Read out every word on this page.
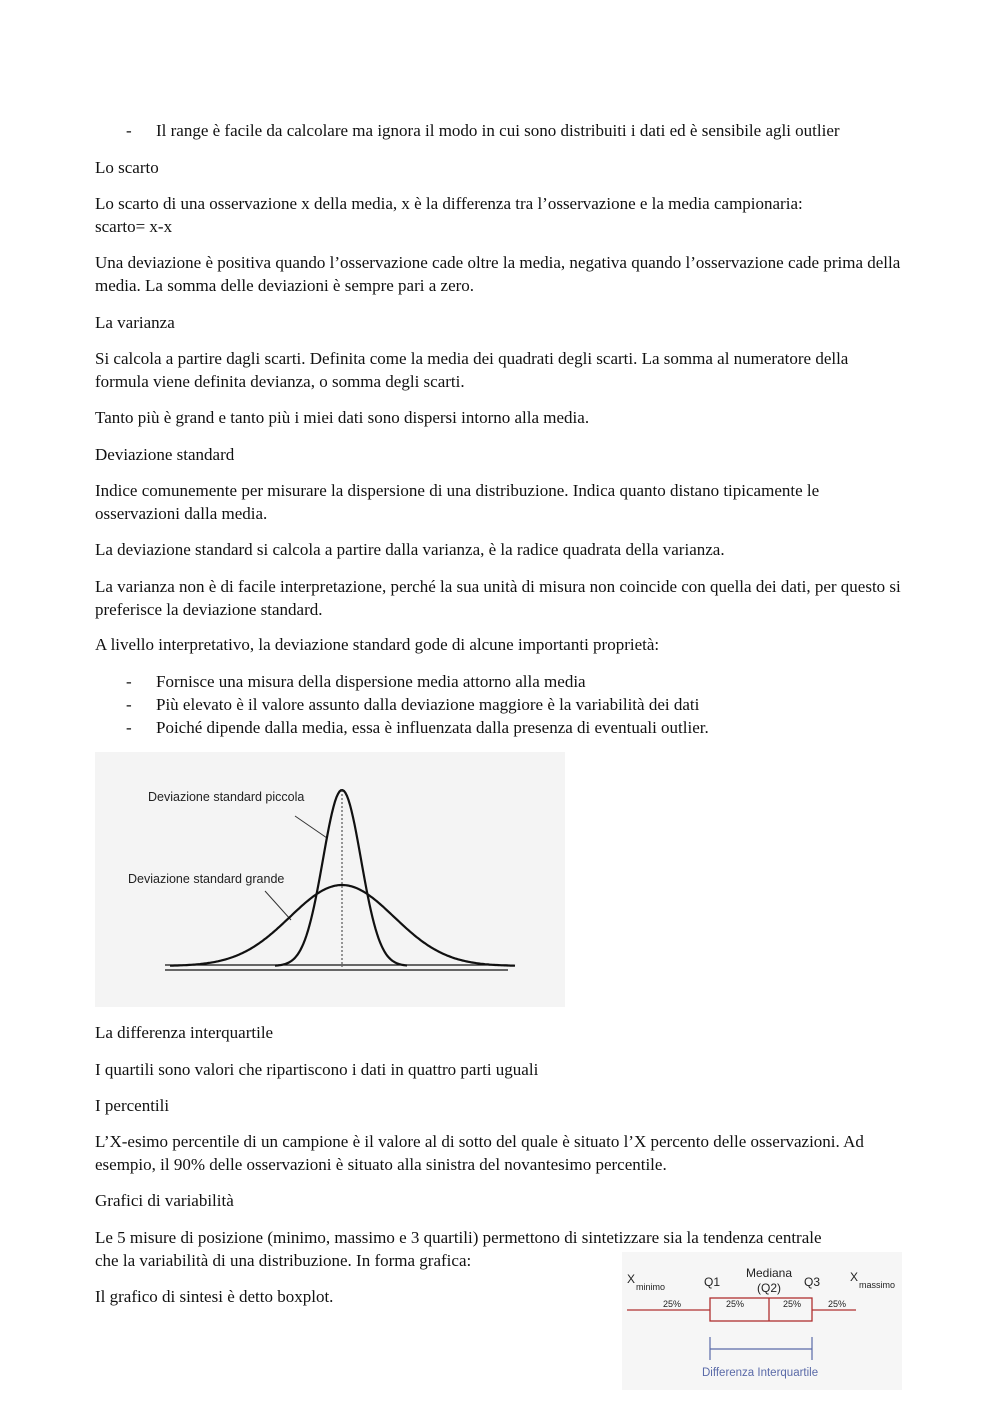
- Il range è facile da calcolare ma ignora il modo in cui sono distribuiti i dati ed è sensibile agli outlier

Lo scarto

Lo scarto di una osservazione x della media, x è la differenza tra l’osservazione e la media campionaria:
scarto= x-x

Una deviazione è positiva quando l’osservazione cade oltre la media, negativa quando l’osservazione cade prima della media. La somma delle deviazioni è sempre pari a zero.

La varianza

Si calcola a partire dagli scarti. Definita come la media dei quadrati degli scarti. La somma al numeratore della formula viene definita devianza, o somma degli scarti.

Tanto più è grand e tanto più i miei dati sono dispersi intorno alla media.

Deviazione standard

Indice comunemente per misurare la dispersione di una distribuzione. Indica quanto distano tipicamente le osservazioni dalla media.

La deviazione standard si calcola a partire dalla varianza, è la radice quadrata della varianza.

La varianza non è di facile interpretazione, perché la sua unità di misura non coincide con quella dei dati, per questo si preferisce la deviazione standard.

A livello interpretativo, la deviazione standard gode di alcune importanti proprietà:

- Fornisce una misura della dispersione media attorno alla media
- Più elevato è il valore assunto dalla deviazione maggiore è la variabilità dei dati
- Poiché dipende dalla media, essa è influenzata dalla presenza di eventuali outlier.
Deviazione standard piccola
Deviazione standard grande

La differenza interquartile

I quartili sono valori che ripartiscono i dati in quattro parti uguali

I percentili

L’X-esimo percentile di un campione è il valore al di sotto del quale è situato l’X percento delle osservazioni. Ad esempio, il 90% delle osservazioni è situato alla sinistra del novantesimo percentile.

Grafici di variabilità

Le 5 misure di posizione (minimo, massimo e 3 quartili) permettono di sintetizzare sia la tendenza centrale
che la variabilità di una distribuzione. In forma grafica:

Il grafico di sintesi è detto boxplot.

X
minimo	Q1
Mediana
(Q2) Q3 X
massimo
25%	25%	25%	25%
Differenza Interquartile
